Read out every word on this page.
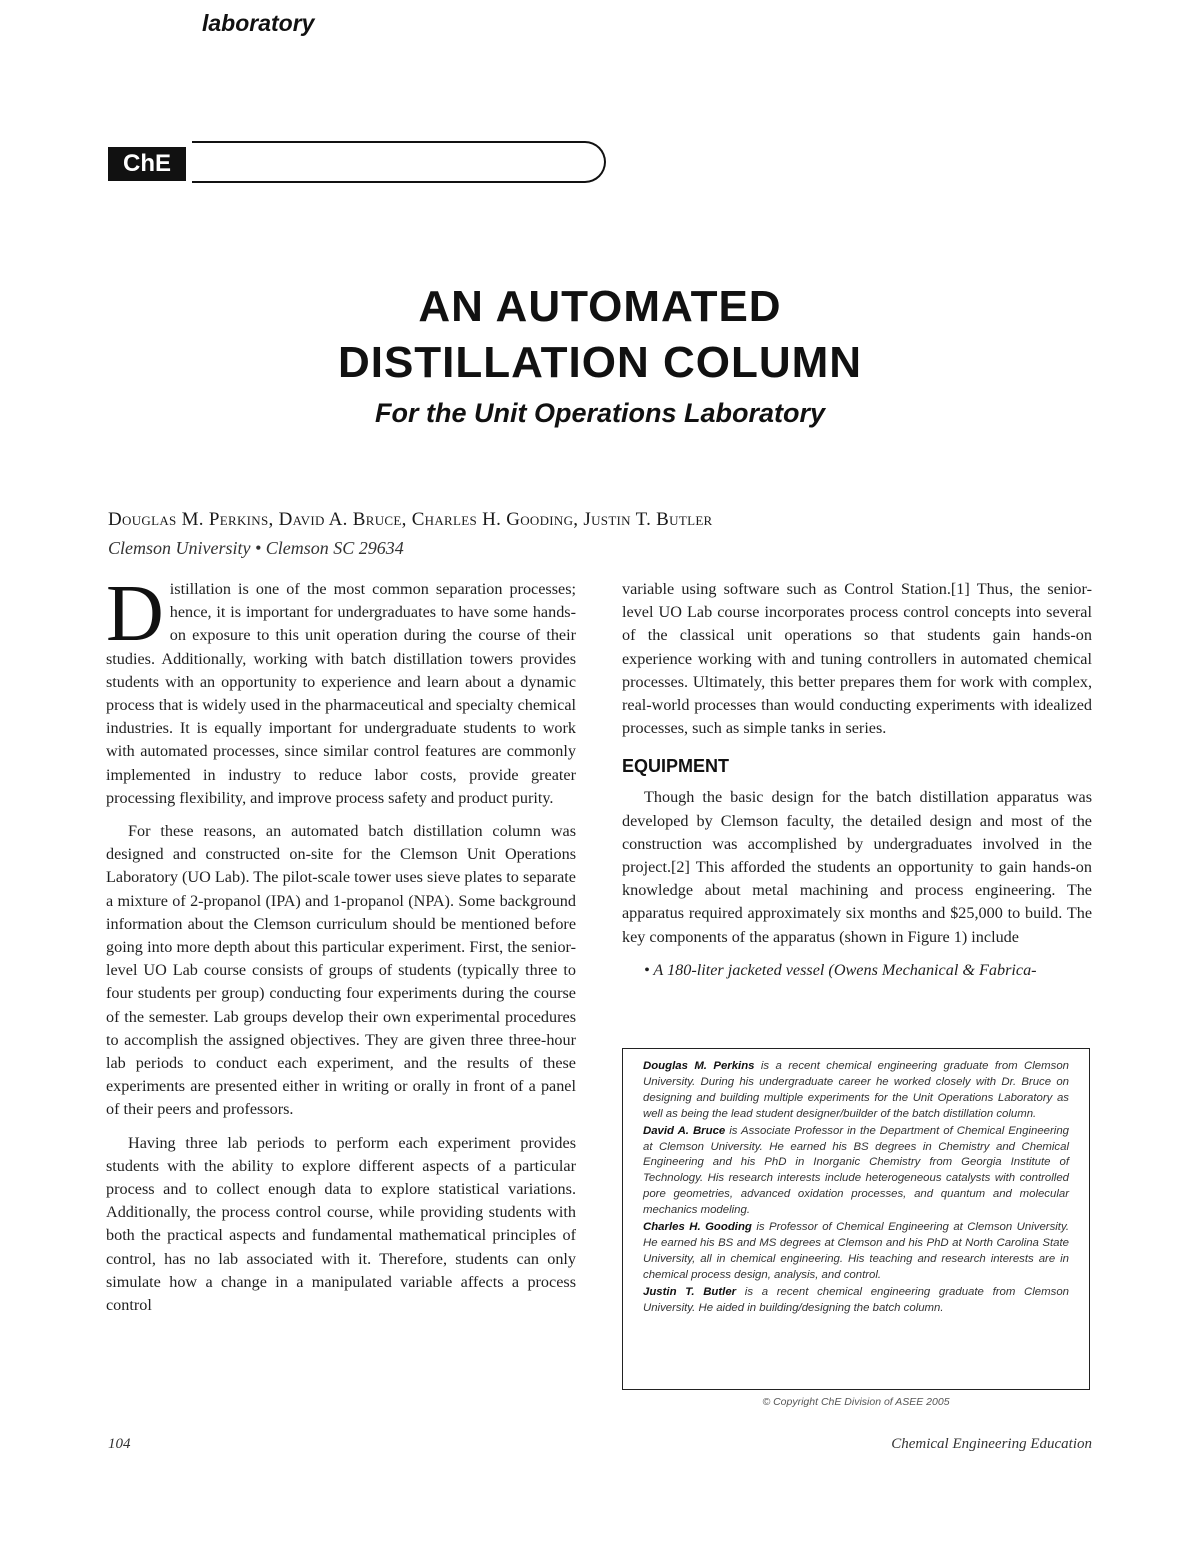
ChE
laboratory
AN AUTOMATED
DISTILLATION COLUMN
For the Unit Operations Laboratory
Douglas M. Perkins, David A. Bruce, Charles H. Gooding, Justin T. Butler
Clemson University • Clemson SC 29634

Distillation is one of the most common separation processes; hence, it is important for undergraduates to have some hands-on exposure to this unit operation during the course of their studies. Additionally, working with batch distillation towers provides students with an opportunity to experience and learn about a dynamic process that is widely used in the pharmaceutical and specialty chemical industries. It is equally important for undergraduate students to work with automated processes, since similar control features are commonly implemented in industry to reduce labor costs, provide greater processing flexibility, and improve process safety and product purity.

For these reasons, an automated batch distillation column was designed and constructed on-site for the Clemson Unit Operations Laboratory (UO Lab). The pilot-scale tower uses sieve plates to separate a mixture of 2-propanol (IPA) and 1-propanol (NPA). Some background information about the Clemson curriculum should be mentioned before going into more depth about this particular experiment. First, the senior-level UO Lab course consists of groups of students (typically three to four students per group) conducting four experiments during the course of the semester. Lab groups develop their own experimental procedures to accomplish the assigned objectives. They are given three three-hour lab periods to conduct each experiment, and the results of these experiments are presented either in writing or orally in front of a panel of their peers and professors.

Having three lab periods to perform each experiment provides students with the ability to explore different aspects of a particular process and to collect enough data to explore statistical variations. Additionally, the process control course, while providing students with both the practical aspects and fundamental mathematical principles of control, has no lab associated with it. Therefore, students can only simulate how a change in a manipulated variable affects a process control

variable using software such as Control Station.[1] Thus, the senior-level UO Lab course incorporates process control concepts into several of the classical unit operations so that students gain hands-on experience working with and tuning controllers in automated chemical processes. Ultimately, this better prepares them for work with complex, real-world processes than would conducting experiments with idealized processes, such as simple tanks in series.

EQUIPMENT

Though the basic design for the batch distillation apparatus was developed by Clemson faculty, the detailed design and most of the construction was accomplished by undergraduates involved in the project.[2] This afforded the students an opportunity to gain hands-on knowledge about metal machining and process engineering. The apparatus required approximately six months and $25,000 to build. The key components of the apparatus (shown in Figure 1) include

• A 180-liter jacketed vessel (Owens Mechanical & Fabrica-

Douglas M. Perkins is a recent chemical engineering graduate from Clemson University. During his undergraduate career he worked closely with Dr. Bruce on designing and building multiple experiments for the Unit Operations Laboratory as well as being the lead student designer/builder of the batch distillation column.

David A. Bruce is Associate Professor in the Department of Chemical Engineering at Clemson University. He earned his BS degrees in Chemistry and Chemical Engineering and his PhD in Inorganic Chemistry from Georgia Institute of Technology. His research interests include heterogeneous catalysts with controlled pore geometries, advanced oxidation processes, and quantum and molecular mechanics modeling.

Charles H. Gooding is Professor of Chemical Engineering at Clemson University. He earned his BS and MS degrees at Clemson and his PhD at North Carolina State University, all in chemical engineering. His teaching and research interests are in chemical process design, analysis, and control.

Justin T. Butler is a recent chemical engineering graduate from Clemson University. He aided in building/designing the batch column.

© Copyright ChE Division of ASEE 2005
104	Chemical Engineering Education
